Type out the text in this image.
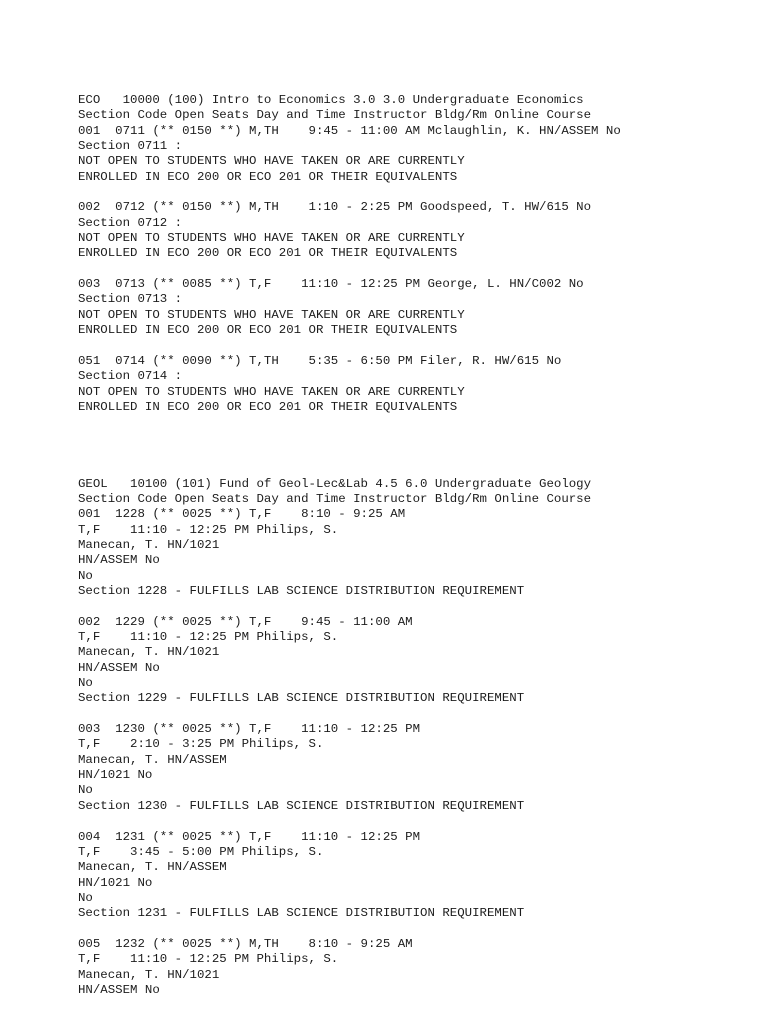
ECO   10000 (100) Intro to Economics 3.0 3.0 Undergraduate Economics
Section Code Open Seats Day and Time Instructor Bldg/Rm Online Course
001  0711 (** 0150 **) M,TH    9:45 - 11:00 AM Mclaughlin, K. HN/ASSEM No
Section 0711 :
NOT OPEN TO STUDENTS WHO HAVE TAKEN OR ARE CURRENTLY
ENROLLED IN ECO 200 OR ECO 201 OR THEIR EQUIVALENTS
002  0712 (** 0150 **) M,TH    1:10 - 2:25 PM Goodspeed, T. HW/615 No
Section 0712 :
NOT OPEN TO STUDENTS WHO HAVE TAKEN OR ARE CURRENTLY
ENROLLED IN ECO 200 OR ECO 201 OR THEIR EQUIVALENTS
003  0713 (** 0085 **) T,F    11:10 - 12:25 PM George, L. HN/C002 No
Section 0713 :
NOT OPEN TO STUDENTS WHO HAVE TAKEN OR ARE CURRENTLY
ENROLLED IN ECO 200 OR ECO 201 OR THEIR EQUIVALENTS
051  0714 (** 0090 **) T,TH    5:35 - 6:50 PM Filer, R. HW/615 No
Section 0714 :
NOT OPEN TO STUDENTS WHO HAVE TAKEN OR ARE CURRENTLY
ENROLLED IN ECO 200 OR ECO 201 OR THEIR EQUIVALENTS
GEOL   10100 (101) Fund of Geol-Lec&Lab 4.5 6.0 Undergraduate Geology
Section Code Open Seats Day and Time Instructor Bldg/Rm Online Course
001  1228 (** 0025 **) T,F    8:10 - 9:25 AM
T,F    11:10 - 12:25 PM Philips, S.
Manecan, T. HN/1021
HN/ASSEM No
No
Section 1228 - FULFILLS LAB SCIENCE DISTRIBUTION REQUIREMENT
002  1229 (** 0025 **) T,F    9:45 - 11:00 AM
T,F    11:10 - 12:25 PM Philips, S.
Manecan, T. HN/1021
HN/ASSEM No
No
Section 1229 - FULFILLS LAB SCIENCE DISTRIBUTION REQUIREMENT
003  1230 (** 0025 **) T,F    11:10 - 12:25 PM
T,F    2:10 - 3:25 PM Philips, S.
Manecan, T. HN/ASSEM
HN/1021 No
No
Section 1230 - FULFILLS LAB SCIENCE DISTRIBUTION REQUIREMENT
004  1231 (** 0025 **) T,F    11:10 - 12:25 PM
T,F    3:45 - 5:00 PM Philips, S.
Manecan, T. HN/ASSEM
HN/1021 No
No
Section 1231 - FULFILLS LAB SCIENCE DISTRIBUTION REQUIREMENT
005  1232 (** 0025 **) M,TH    8:10 - 9:25 AM
T,F    11:10 - 12:25 PM Philips, S.
Manecan, T. HN/1021
HN/ASSEM No
